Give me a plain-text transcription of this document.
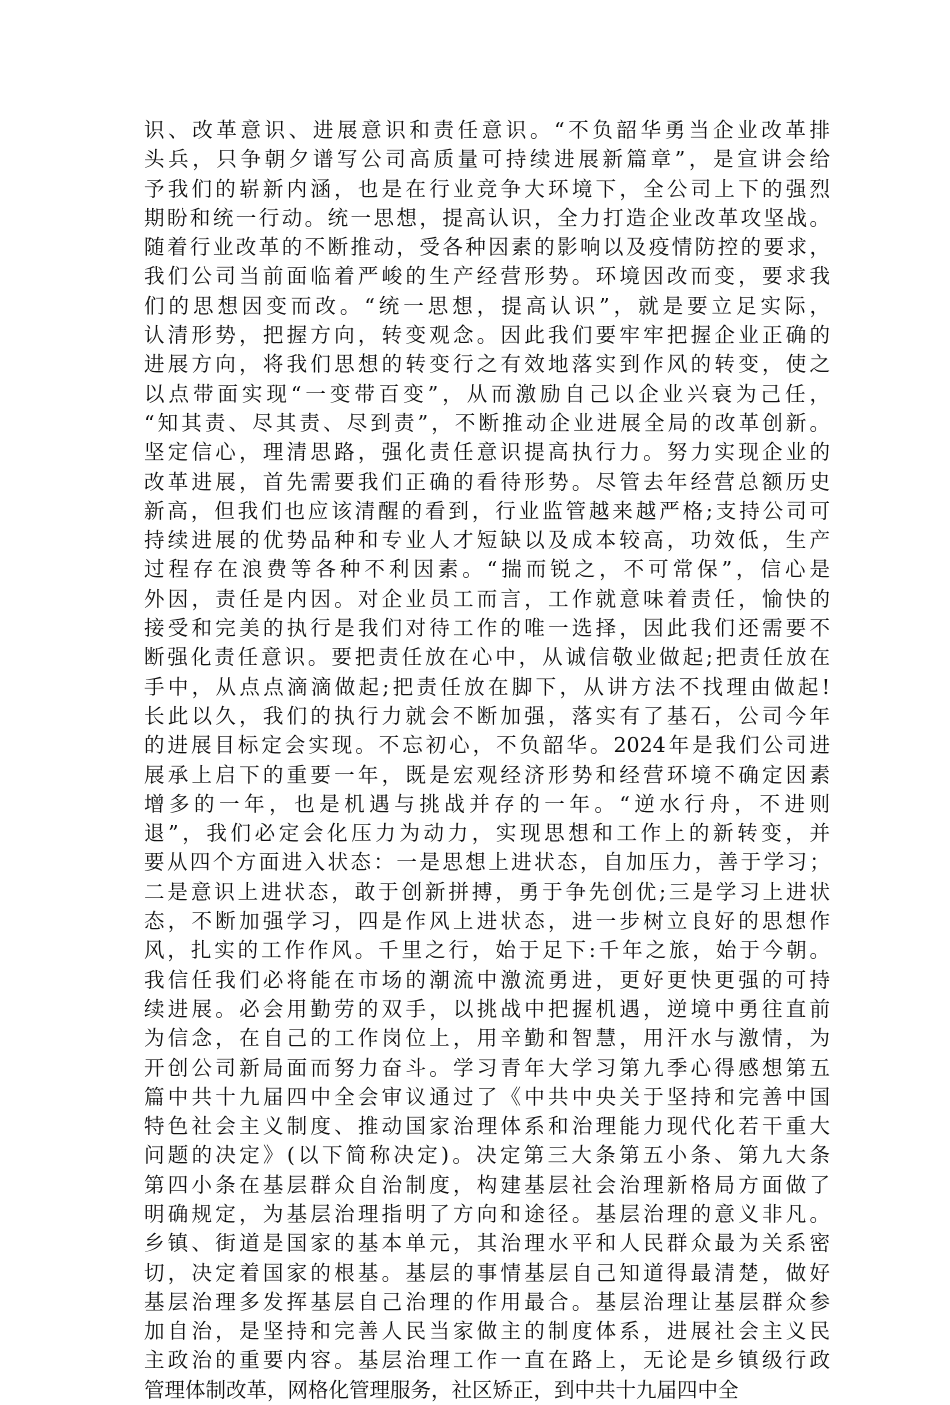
识、改革意识、进展意识和责任意识。“不负韶华勇当企业改革排
头兵，只争朝夕谱写公司高质量可持续进展新篇章”，是宣讲会给
予我们的崭新内涵，也是在行业竞争大环境下，全公司上下的强烈
期盼和统一行动。统一思想，提高认识，全力打造企业改革攻坚战。
随着行业改革的不断推动，受各种因素的影响以及疫情防控的要求，
我们公司当前面临着严峻的生产经营形势。环境因改而变，要求我
们的思想因变而改。“统一思想，提高认识”，就是要立足实际，
认清形势，把握方向，转变观念。因此我们要牢牢把握企业正确的
进展方向，将我们思想的转变行之有效地落实到作风的转变，使之
以点带面实现“一变带百变”，从而激励自己以企业兴衰为己任，
“知其责、尽其责、尽到责”，不断推动企业进展全局的改革创新。
坚定信心，理清思路，强化责任意识提高执行力。努力实现企业的
改革进展，首先需要我们正确的看待形势。尽管去年经营总额历史
新高，但我们也应该清醒的看到，行业监管越来越严格;支持公司可
持续进展的优势品种和专业人才短缺以及成本较高，功效低，生产
过程存在浪费等各种不利因素。“揣而锐之，不可常保”，信心是
外因，责任是内因。对企业员工而言，工作就意味着责任，愉快的
接受和完美的执行是我们对待工作的唯一选择，因此我们还需要不
断强化责任意识。要把责任放在心中，从诚信敬业做起;把责任放在
手中，从点点滴滴做起;把责任放在脚下，从讲方法不找理由做起!
长此以久，我们的执行力就会不断加强，落实有了基石，公司今年
的进展目标定会实现。不忘初心，不负韶华。2024年是我们公司进
展承上启下的重要一年，既是宏观经济形势和经营环境不确定因素
增多的一年，也是机遇与挑战并存的一年。“逆水行舟，不进则
退”，我们必定会化压力为动力，实现思想和工作上的新转变，并
要从四个方面进入状态：一是思想上进状态，自加压力，善于学习；
二是意识上进状态，敢于创新拼搏，勇于争先创优;三是学习上进状
态，不断加强学习，四是作风上进状态，进一步树立良好的思想作
风，扎实的工作作风。千里之行，始于足下:千年之旅，始于今朝。
我信任我们必将能在市场的潮流中激流勇进，更好更快更强的可持
续进展。必会用勤劳的双手，以挑战中把握机遇，逆境中勇往直前
为信念，在自己的工作岗位上，用辛勤和智慧，用汗水与激情，为
开创公司新局面而努力奋斗。学习青年大学习第九季心得感想第五
篇中共十九届四中全会审议通过了《中共中央关于坚持和完善中国
特色社会主义制度、推动国家治理体系和治理能力现代化若干重大
问题的决定》(以下简称决定)。决定第三大条第五小条、第九大条
第四小条在基层群众自治制度，构建基层社会治理新格局方面做了
明确规定，为基层治理指明了方向和途径。基层治理的意义非凡。
乡镇、街道是国家的基本单元，其治理水平和人民群众最为关系密
切，决定着国家的根基。基层的事情基层自己知道得最清楚，做好
基层治理多发挥基层自己治理的作用最合。基层治理让基层群众参
加自治，是坚持和完善人民当家做主的制度体系，进展社会主义民
主政治的重要内容。基层治理工作一直在路上，无论是乡镇级行政
管理体制改革，网格化管理服务，社区矫正，到中共十九届四中全
